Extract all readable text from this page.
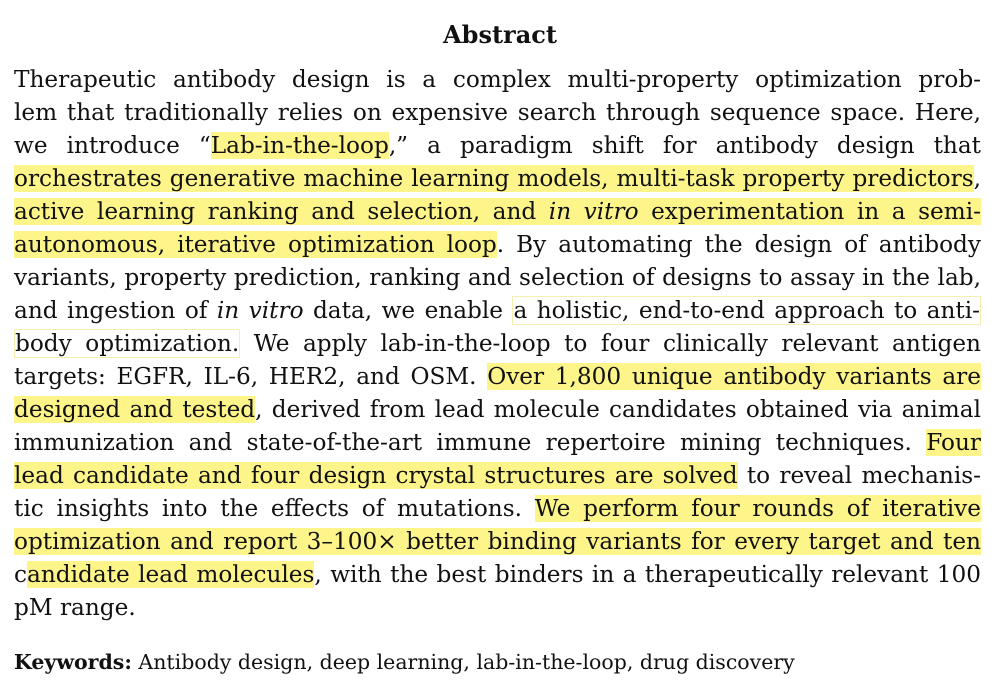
Abstract
Therapeutic antibody design is a complex multi-property optimization prob-
lem that traditionally relies on expensive search through sequence space. Here,
we introduce “Lab-in-the-loop,” a paradigm shift for antibody design that
orchestrates generative machine learning models, multi-task property predictors,
active learning ranking and selection, and in vitro experimentation in a semi-
autonomous, iterative optimization loop. By automating the design of antibody
variants, property prediction, ranking and selection of designs to assay in the lab,
and ingestion of in vitro data, we enable a holistic, end-to-end approach to anti-
body optimization. We apply lab-in-the-loop to four clinically relevant antigen
targets: EGFR, IL-6, HER2, and OSM. Over 1,800 unique antibody variants are
designed and tested, derived from lead molecule candidates obtained via animal
immunization and state-of-the-art immune repertoire mining techniques. Four
lead candidate and four design crystal structures are solved to reveal mechanis-
tic insights into the effects of mutations. We perform four rounds of iterative
optimization and report 3–100× better binding variants for every target and ten
candidate lead molecules, with the best binders in a therapeutically relevant 100
pM range.
Keywords: Antibody design, deep learning, lab-in-the-loop, drug discovery
